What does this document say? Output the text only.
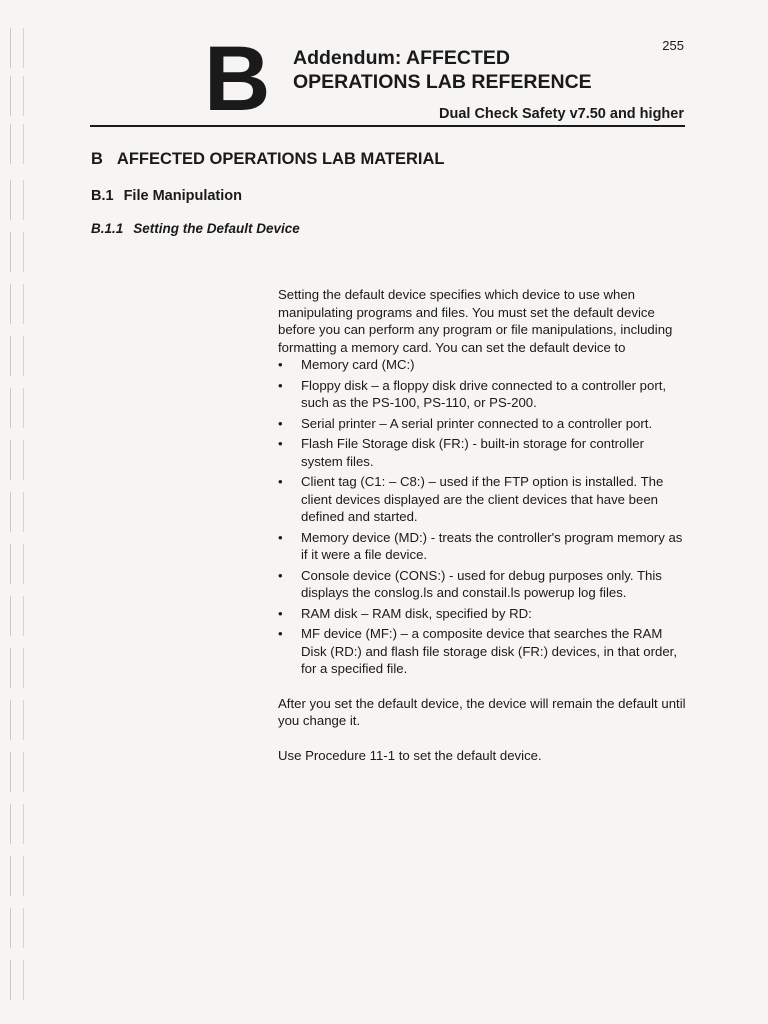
255
B Addendum: AFFECTED
OPERATIONS LAB REFERENCE
Dual Check Safety v7.50 and higher
B AFFECTED OPERATIONS LAB MATERIAL
B.1 File Manipulation
B.1.1 Setting the Default Device

Setting the default device specifies which device to use when manipulating programs and files. You must set the default device before you can perform any program or file manipulations, including formatting a memory card. You can set the default device to

• Memory card (MC:)
• Floppy disk – a floppy disk drive connected to a controller port, such as the PS-100, PS-110, or PS-200.
• Serial printer – A serial printer connected to a controller port.
• Flash File Storage disk (FR:) - built-in storage for controller system files.
• Client tag (C1: – C8:) – used if the FTP option is installed. The client devices displayed are the client devices that have been defined and started.
• Memory device (MD:) - treats the controller's program memory as if it were a file device.
• Console device (CONS:) - used for debug purposes only. This displays the conslog.ls and constail.ls powerup log files.
• RAM disk – RAM disk, specified by RD:
• MF device (MF:) – a composite device that searches the RAM Disk (RD:) and flash file storage disk (FR:) devices, in that order, for a specified file.

After you set the default device, the device will remain the default until you change it.

Use Procedure 11-1 to set the default device.
